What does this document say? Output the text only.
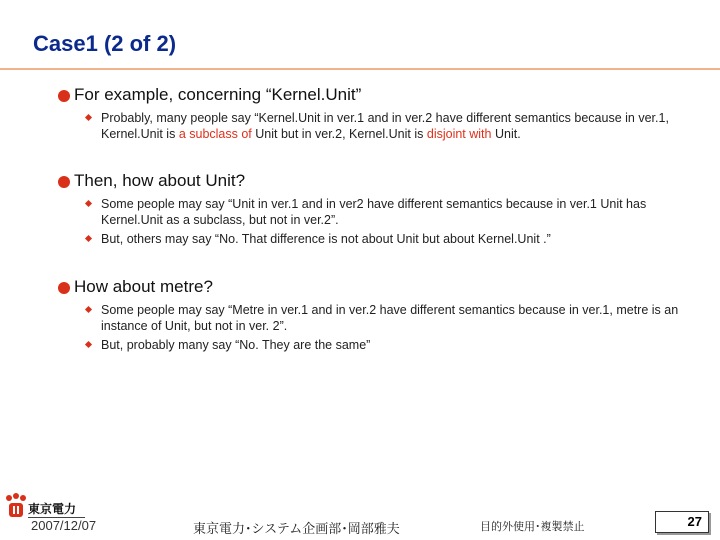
Case1 (2 of 2)
For example, concerning “Kernel.Unit”
Probably, many people say “Kernel.Unit in ver.1 and in ver.2 have different semantics because in ver.1, Kernel.Unit is a subclass of Unit but in ver.2, Kernel.Unit is disjoint with Unit.
Then, how about Unit?
Some people may say “Unit in ver.1 and in ver2 have different semantics because in ver.1 Unit has Kernel.Unit as a subclass, but not in ver.2”.
But, others may say “No. That difference is not about Unit but about Kernel.Unit .”
How about metre?
Some people may say “Metre in ver.1 and in ver.2 have different semantics because in ver.1, metre is an instance of Unit, but not in ver. 2”.
But, probably many say “No. They are the same”
東京電力
2007/12/07	東京電力･システム企画部･岡部雅夫	目的外使用･複製禁止	27
